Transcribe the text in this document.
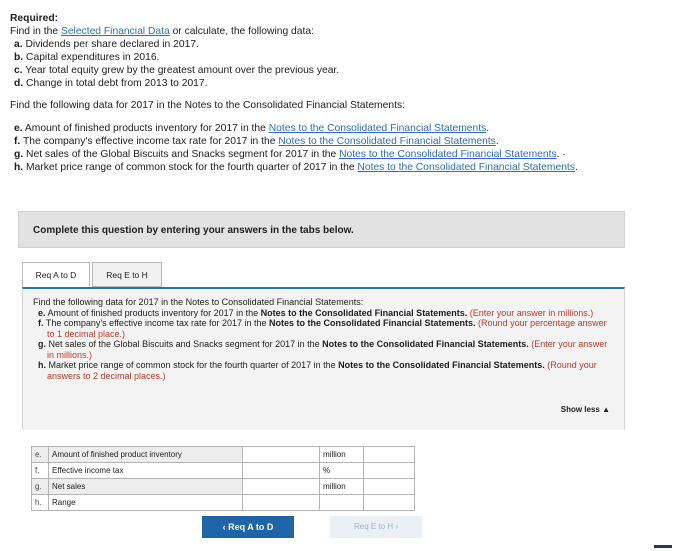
Required:
Find in the Selected Financial Data or calculate, the following data:
a. Dividends per share declared in 2017.
b. Capital expenditures in 2016.
c. Year total equity grew by the greatest amount over the previous year.
d. Change in total debt from 2013 to 2017.
Find the following data for 2017 in the Notes to the Consolidated Financial Statements:
e. Amount of finished products inventory for 2017 in the Notes to the Consolidated Financial Statements.
f. The company's effective income tax rate for 2017 in the Notes to the Consolidated Financial Statements.
g. Net sales of the Global Biscuits and Snacks segment for 2017 in the Notes to the Consolidated Financial Statements. ·
h. Market price range of common stock for the fourth quarter of 2017 in the Notes to the Consolidated Financial Statements.
Complete this question by entering your answers in the tabs below.
Req A to D	Req E to H
Find the following data for 2017 in the Notes to Consolidated Financial Statements:
e. Amount of finished products inventory for 2017 in the Notes to the Consolidated Financial Statements. (Enter your answer in millions.)
f. The company's effective income tax rate for 2017 in the Notes to the Consolidated Financial Statements. (Round your percentage answer to 1 decimal place.)
g. Net sales of the Global Biscuits and Snacks segment for 2017 in the Notes to the Consolidated Financial Statements. (Enter your answer in millions.)
h. Market price range of common stock for the fourth quarter of 2017 in the Notes to the Consolidated Financial Statements. (Round your answers to 2 decimal places.)
Show less ▲
e.	Amount of finished product inventory		million	
f.	Effective income tax		%	
g.	Net sales		million	
h.	Range			
‹ Req A to D	Req E to H ›
